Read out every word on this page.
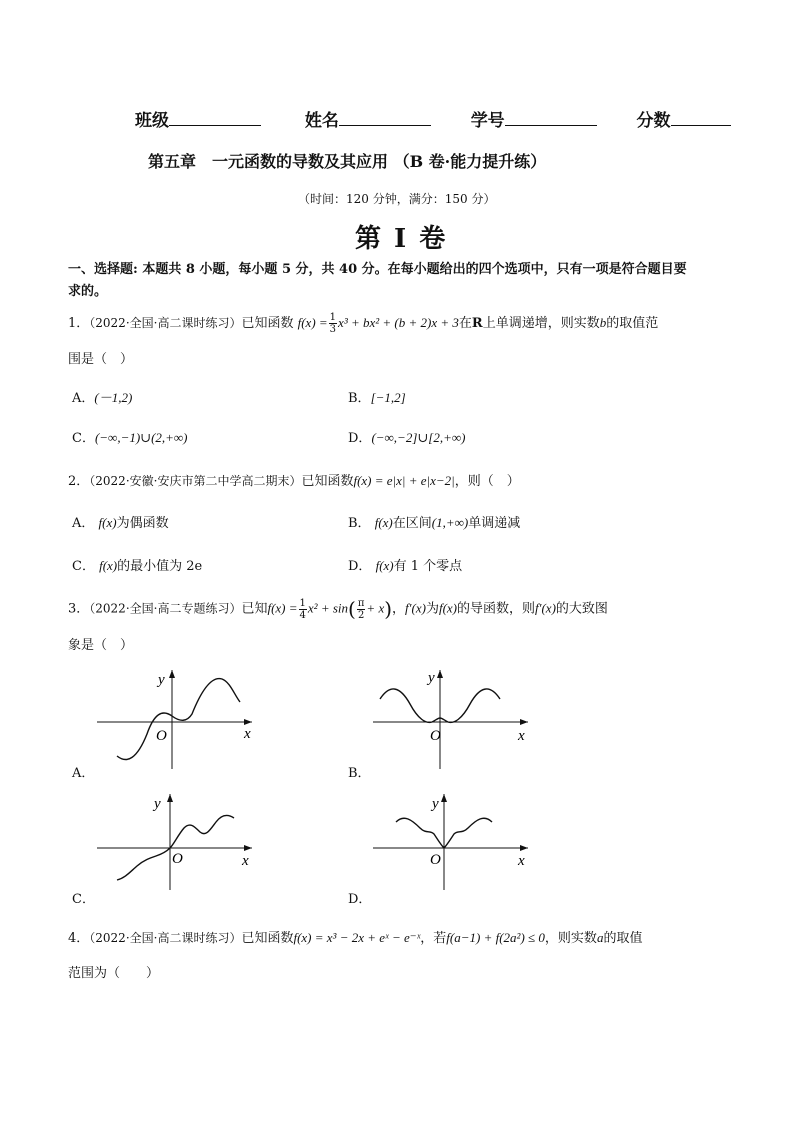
班级	姓名	学号	分数
第五章　一元函数的导数及其应用 （B 卷·能力提升练）
（时间：120 分钟，满分：150 分）
第 I 卷
一、选择题: 本题共 8 小题，每小题 5 分，共 40 分。在每小题给出的四个选项中，只有一项是符合题目要
求的。
1．（2022·全国·高二课时练习）已知函数 $f(x) = \frac{1}{3} x^3 + bx^2 + (b + 2)x + 3$在R上单调递增，则实数b的取值范
围是（　）
A．(－1,2)	B．[−1,2]
C．(−∞,−1)∪(2,+∞)	D．(−∞,−2]∪[2,+∞)
2．（2022·安徽·安庆市第二中学高二期末）已知函数f(x) = e|x| + e|x−2|，则（　）
A． f(x)为偶函数	B． f(x)在区间(1,+∞)单调递减
C． f(x)的最小值为 2e	D． f(x)有 1 个零点
3．（2022·全国·高二专题练习）已知$f(x) = \frac{1}{4} x^2 + \sin( \frac{\pi}{2} + x)$，f′(x)为f(x)的导函数，则f′(x)的大致图
象是（　）
y
x
O
A．
y
x
O
B．
y
x
O
C．
y
x
O
D．
4．（2022·全国·高二课时练习）已知函数f(x) = x³ − 2x + eˣ − e⁻ˣ，若f(a−1) + f(2a²) ≤ 0，则实数a的取值
范围为（　　）
